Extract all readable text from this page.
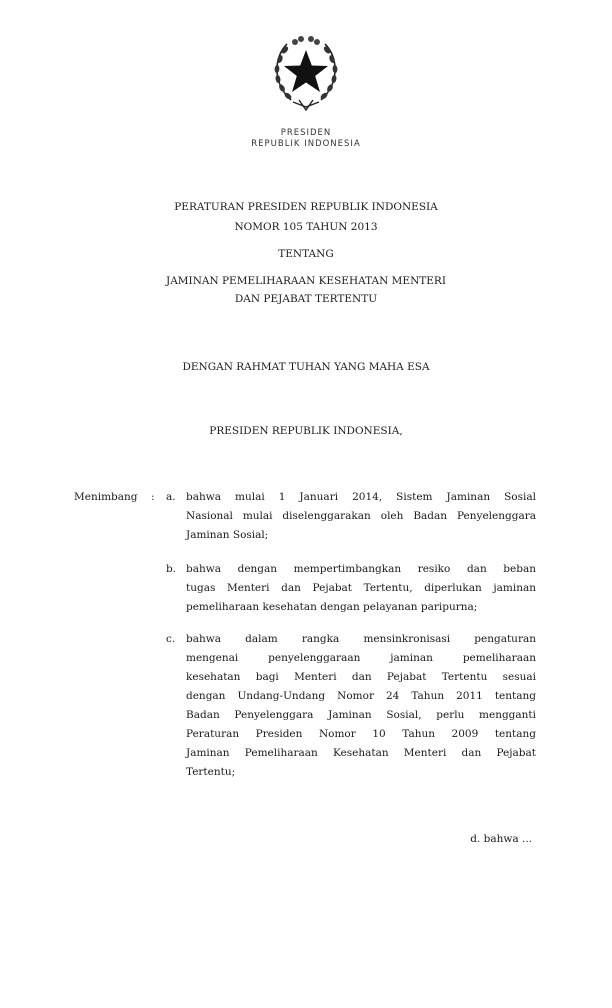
PRESIDEN
REPUBLIK INDONESIA
PERATURAN PRESIDEN REPUBLIK INDONESIA
NOMOR 105 TAHUN 2013
TENTANG
JAMINAN PEMELIHARAAN KESEHATAN MENTERI
DAN PEJABAT TERTENTU
DENGAN RAHMAT TUHAN YANG MAHA ESA
PRESIDEN REPUBLIK INDONESIA,
Menimbang : a. bahwa mulai 1 Januari 2014, Sistem Jaminan Sosial
Nasional mulai diselenggarakan oleh Badan Penyelenggara
Jaminan Sosial;
b. bahwa dengan mempertimbangkan resiko dan beban
tugas Menteri dan Pejabat Tertentu, diperlukan jaminan
pemeliharaan kesehatan dengan pelayanan paripurna;
c. bahwa dalam rangka mensinkronisasi pengaturan
mengenai penyelenggaraan jaminan pemeliharaan
kesehatan bagi Menteri dan Pejabat Tertentu sesuai
dengan Undang-Undang Nomor 24 Tahun 2011 tentang
Badan Penyelenggara Jaminan Sosial, perlu mengganti
Peraturan Presiden Nomor 10 Tahun 2009 tentang
Jaminan Pemeliharaan Kesehatan Menteri dan Pejabat
Tertentu;
d. bahwa ...
